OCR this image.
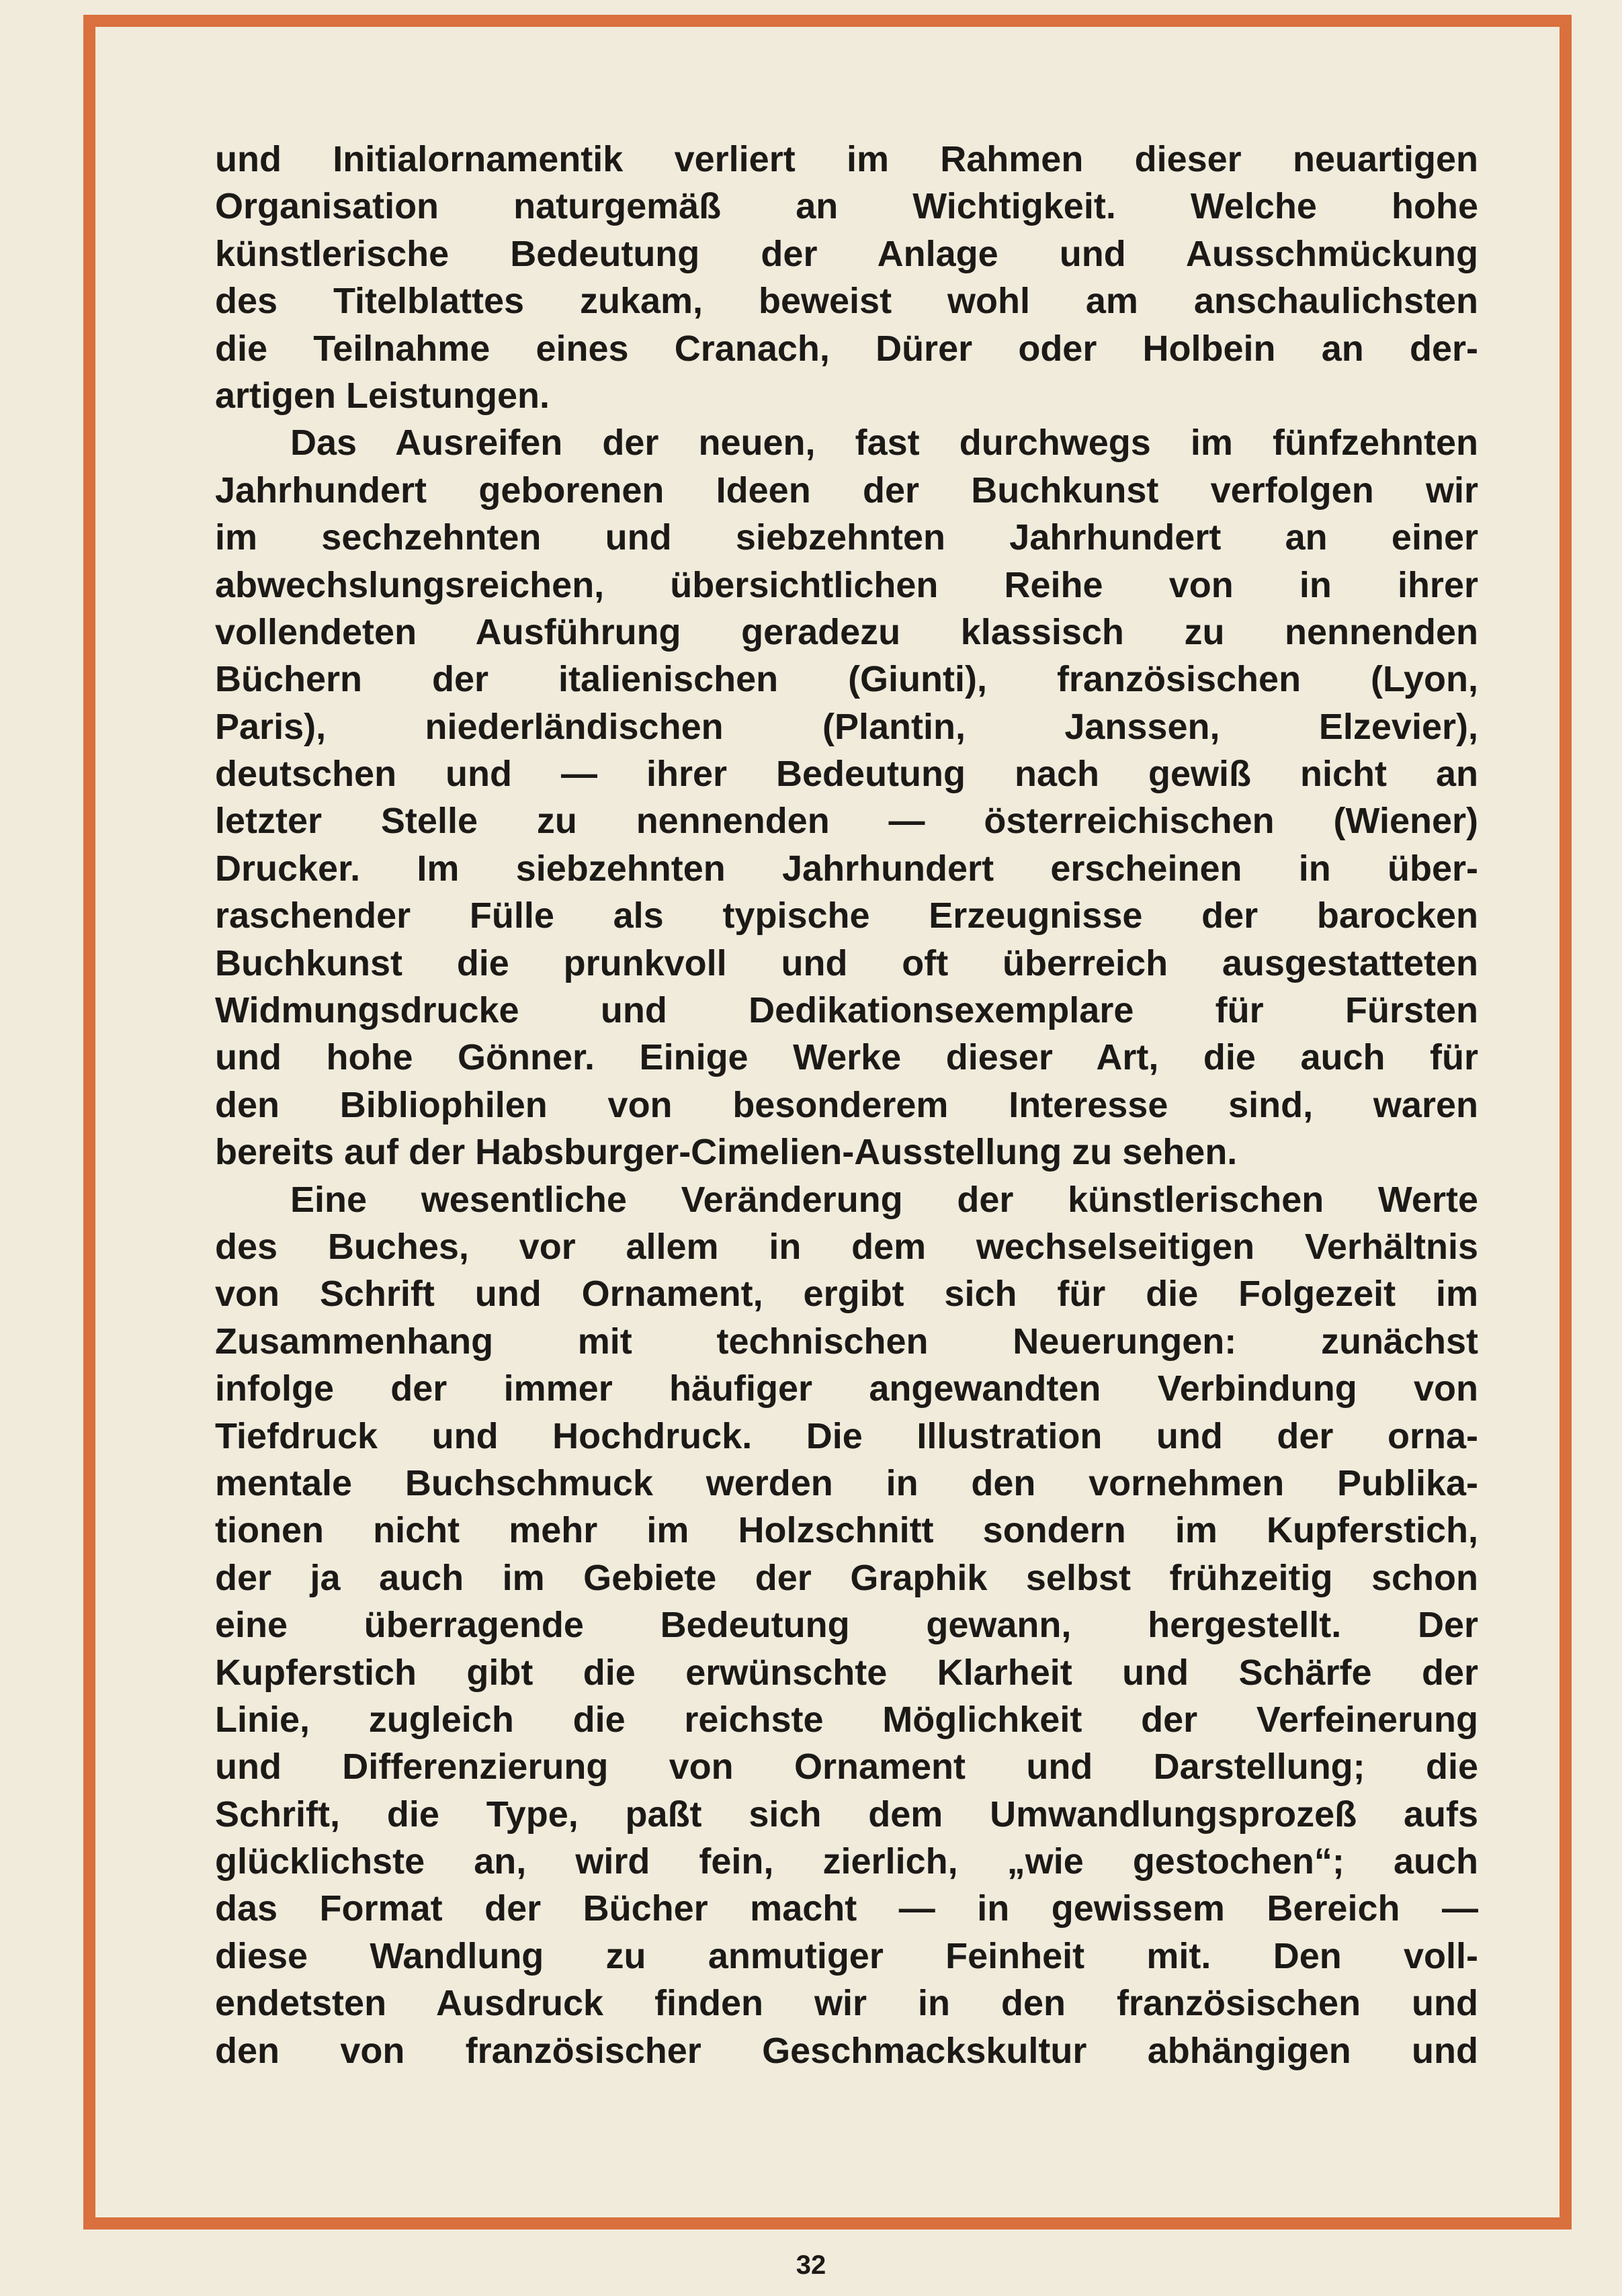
und Initialornamentik verliert im Rahmen dieser neuartigen
Organisation naturgemäß an Wichtigkeit. Welche hohe
künstlerische Bedeutung der Anlage und Ausschmückung
des Titelblattes zukam, beweist wohl am anschaulichsten
die Teilnahme eines Cranach, Dürer oder Holbein an der-
artigen Leistungen.
Das Ausreifen der neuen, fast durchwegs im fünfzehnten
Jahrhundert geborenen Ideen der Buchkunst verfolgen wir
im sechzehnten und siebzehnten Jahrhundert an einer
abwechslungsreichen, übersichtlichen Reihe von in ihrer
vollendeten Ausführung geradezu klassisch zu nennenden
Büchern der italienischen (Giunti), französischen (Lyon,
Paris), niederländischen (Plantin, Janssen, Elzevier),
deutschen und — ihrer Bedeutung nach gewiß nicht an
letzter Stelle zu nennenden — österreichischen (Wiener)
Drucker. Im siebzehnten Jahrhundert erscheinen in über-
raschender Fülle als typische Erzeugnisse der barocken
Buchkunst die prunkvoll und oft überreich ausgestatteten
Widmungsdrucke und Dedikationsexemplare für Fürsten
und hohe Gönner. Einige Werke dieser Art, die auch für
den Bibliophilen von besonderem Interesse sind, waren
bereits auf der Habsburger-Cimelien-Ausstellung zu sehen.
Eine wesentliche Veränderung der künstlerischen Werte
des Buches, vor allem in dem wechselseitigen Verhältnis
von Schrift und Ornament, ergibt sich für die Folgezeit im
Zusammenhang mit technischen Neuerungen: zunächst
infolge der immer häufiger angewandten Verbindung von
Tiefdruck und Hochdruck. Die Illustration und der orna-
mentale Buchschmuck werden in den vornehmen Publika-
tionen nicht mehr im Holzschnitt sondern im Kupferstich,
der ja auch im Gebiete der Graphik selbst frühzeitig schon
eine überragende Bedeutung gewann, hergestellt. Der
Kupferstich gibt die erwünschte Klarheit und Schärfe der
Linie, zugleich die reichste Möglichkeit der Verfeinerung
und Differenzierung von Ornament und Darstellung; die
Schrift, die Type, paßt sich dem Umwandlungsprozeß aufs
glücklichste an, wird fein, zierlich, „wie gestochen“; auch
das Format der Bücher macht — in gewissem Bereich —
diese Wandlung zu anmutiger Feinheit mit. Den voll-
endetsten Ausdruck finden wir in den französischen und
den von französischer Geschmackskultur abhängigen und
32
